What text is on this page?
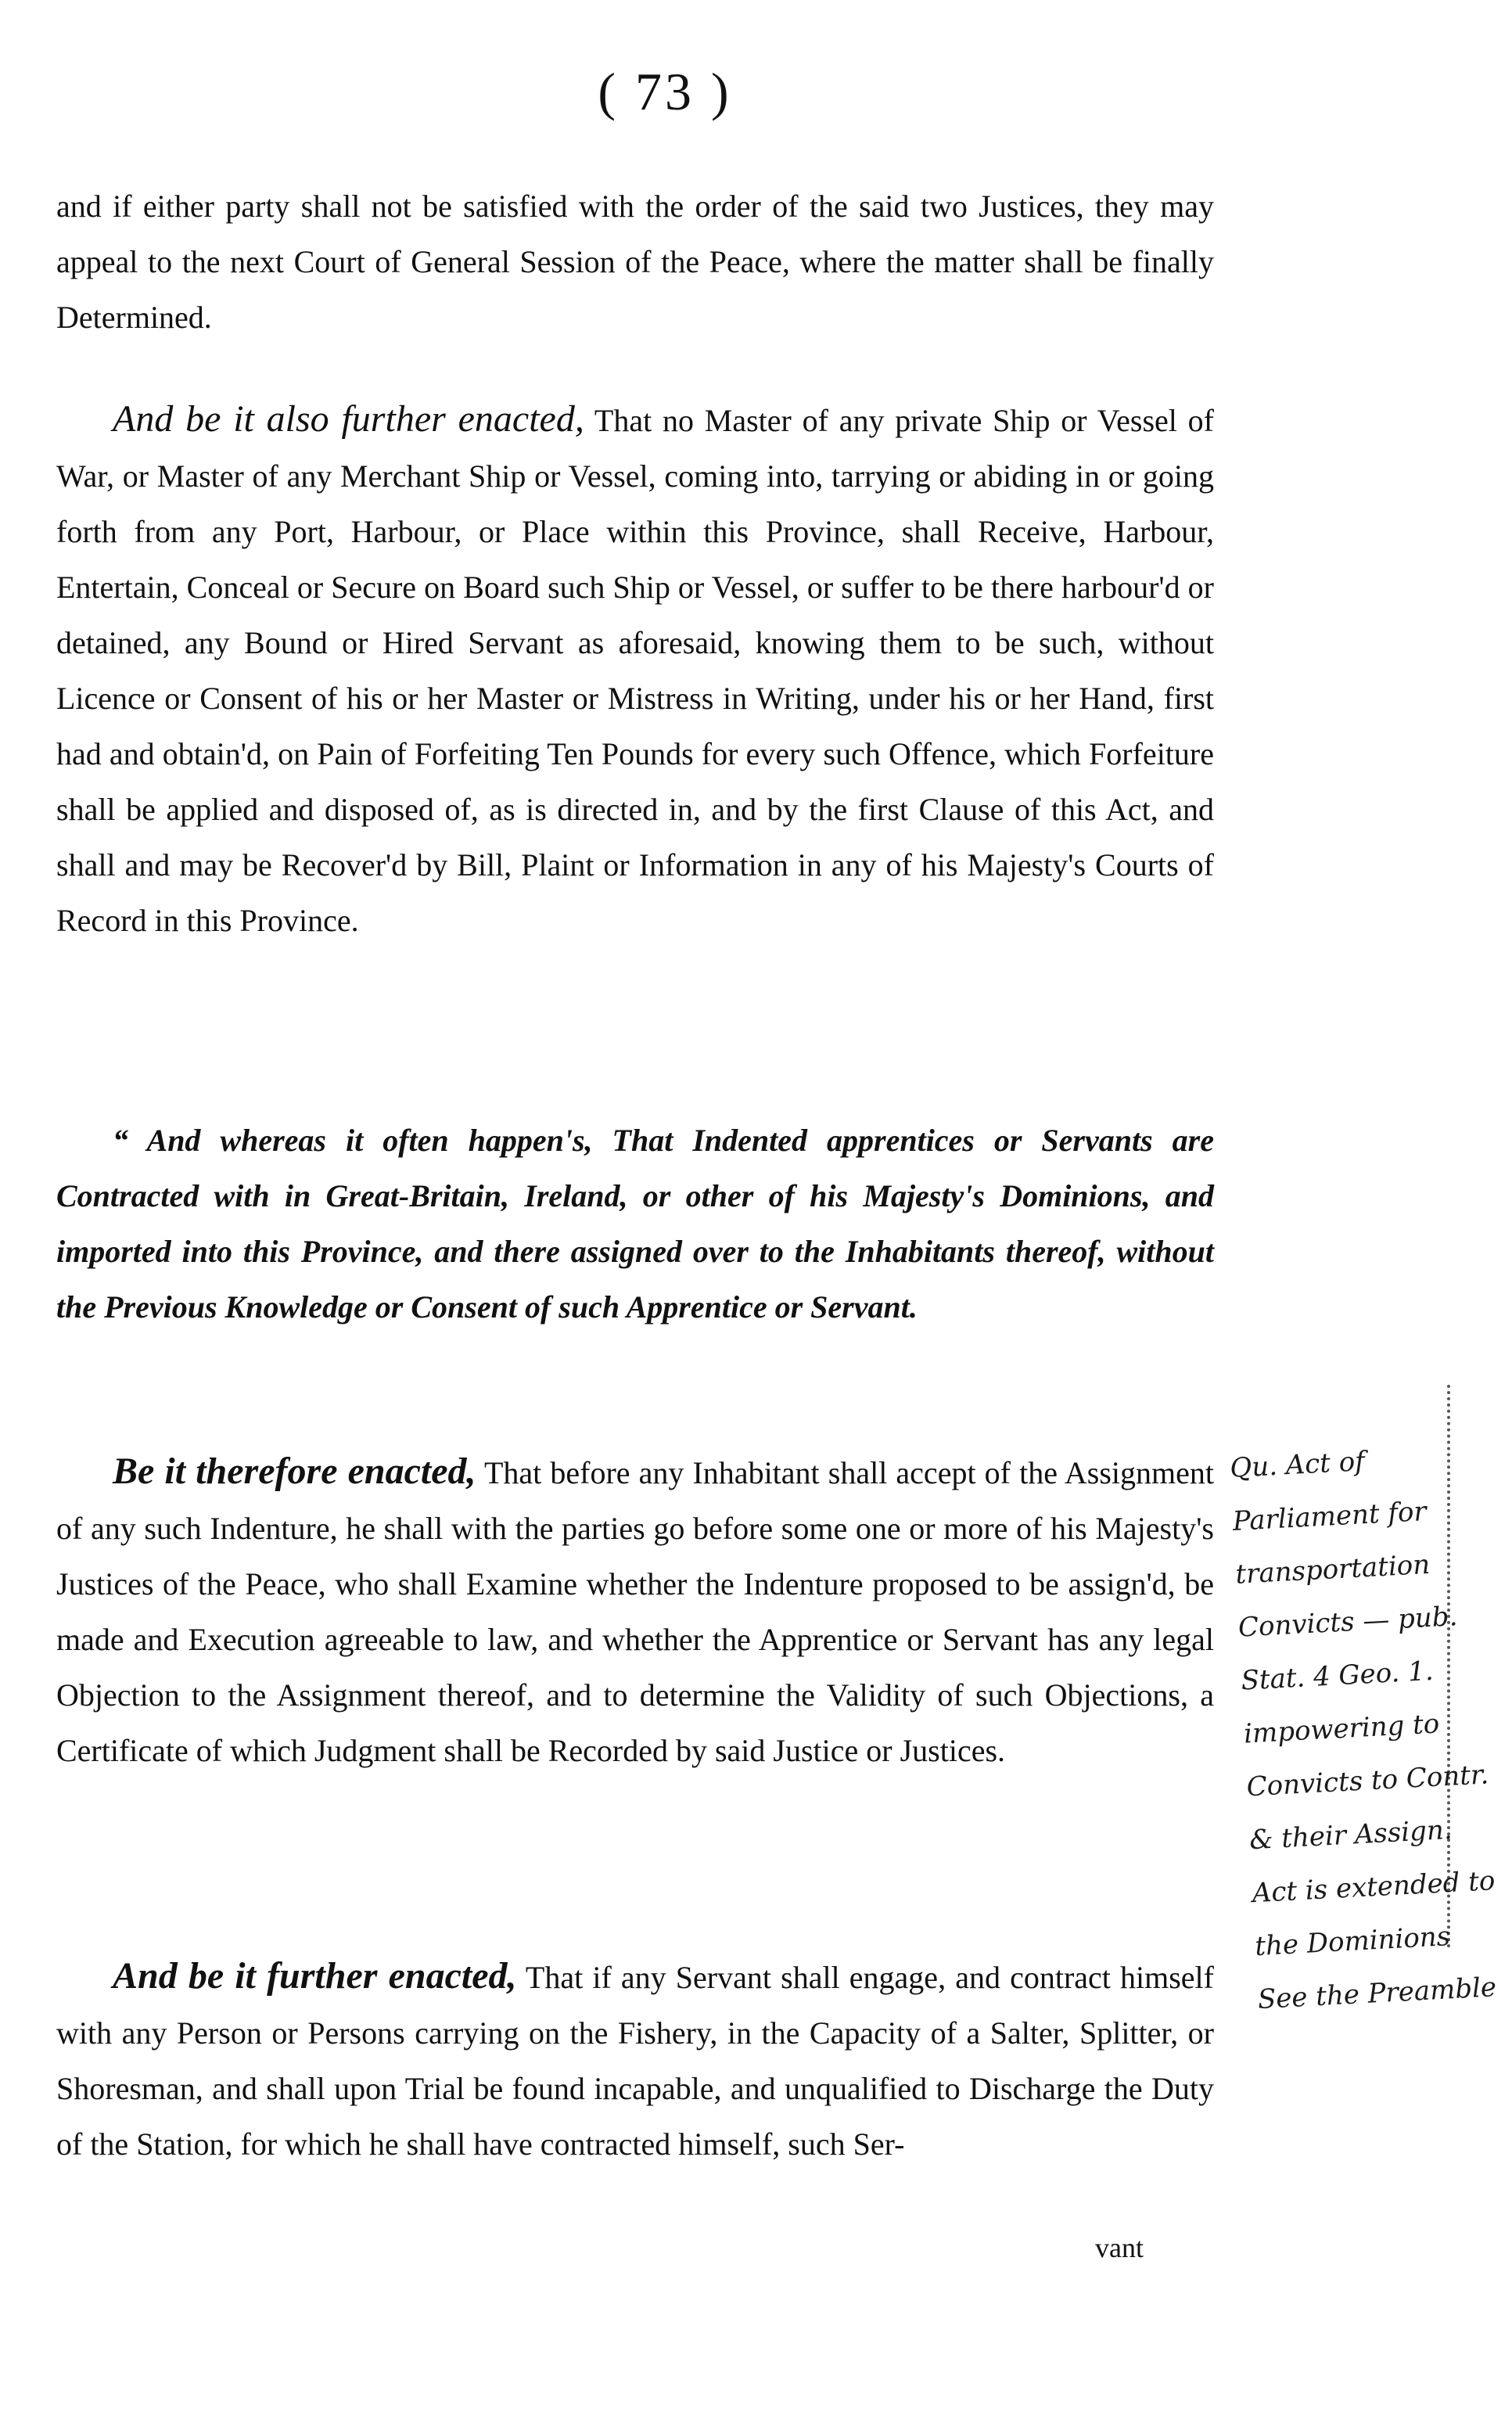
( 73 )

and if either party shall not be satisfied with the order of the said two Justices, they may appeal to the next Court of General Session of the Peace, where the matter shall be finally Determined.

And be it also further enacted, That no Master of any private Ship or Vessel of War, or Master of any Merchant Ship or Vessel, coming into, tarrying or abiding in or going forth from any Port, Harbour, or Place within this Province, shall Receive, Harbour, Entertain, Conceal or Secure on Board such Ship or Vessel, or suffer to be there harbour'd or detained, any Bound or Hired Servant as aforesaid, knowing them to be such, without Licence or Consent of his or her Master or Mistress in Writing, under his or her Hand, first had and obtain'd, on Pain of Forfeiting Ten Pounds for every such Offence, which Forfeiture shall be applied and disposed of, as is directed in, and by the first Clause of this Act, and shall and may be Recover'd by Bill, Plaint or Information in any of his Majesty's Courts of Record in this Province.

“ And whereas it often happen's, That Indented apprentices or Servants are Contracted with in Great-Britain, Ireland, or other of his Majesty's Dominions, and imported into this Province, and there assigned over to the Inhabitants thereof, without the Previous Knowledge or Consent of such Apprentice or Servant.

Be it therefore enacted, That before any Inhabitant shall accept of the Assignment of any such Indenture, he shall with the parties go before some one or more of his Majesty's Justices of the Peace, who shall Examine whether the Indenture proposed to be assign'd, be made and Execution agreeable to law, and whether the Apprentice or Servant has any legal Objection to the Assignment thereof, and to determine the Validity of such Objections, a Certificate of which Judgment shall be Recorded by said Justice or Justices.

And be it further enacted, That if any Servant shall engage, and contract himself with any Person or Persons carrying on the Fishery, in the Capacity of a Salter, Splitter, or Shoresman, and shall upon Trial be found incapable, and unqualified to Discharge the Duty of the Station, for which he shall have contracted himself, such Ser-

vant
Qu. Act of
Parliament for
transportation
Convicts — pub.
Stat. 4 Geo. 1.
impowering to
Convicts to Contr.
& their Assign.
Act is extended to
the Dominions
See the Preamble
